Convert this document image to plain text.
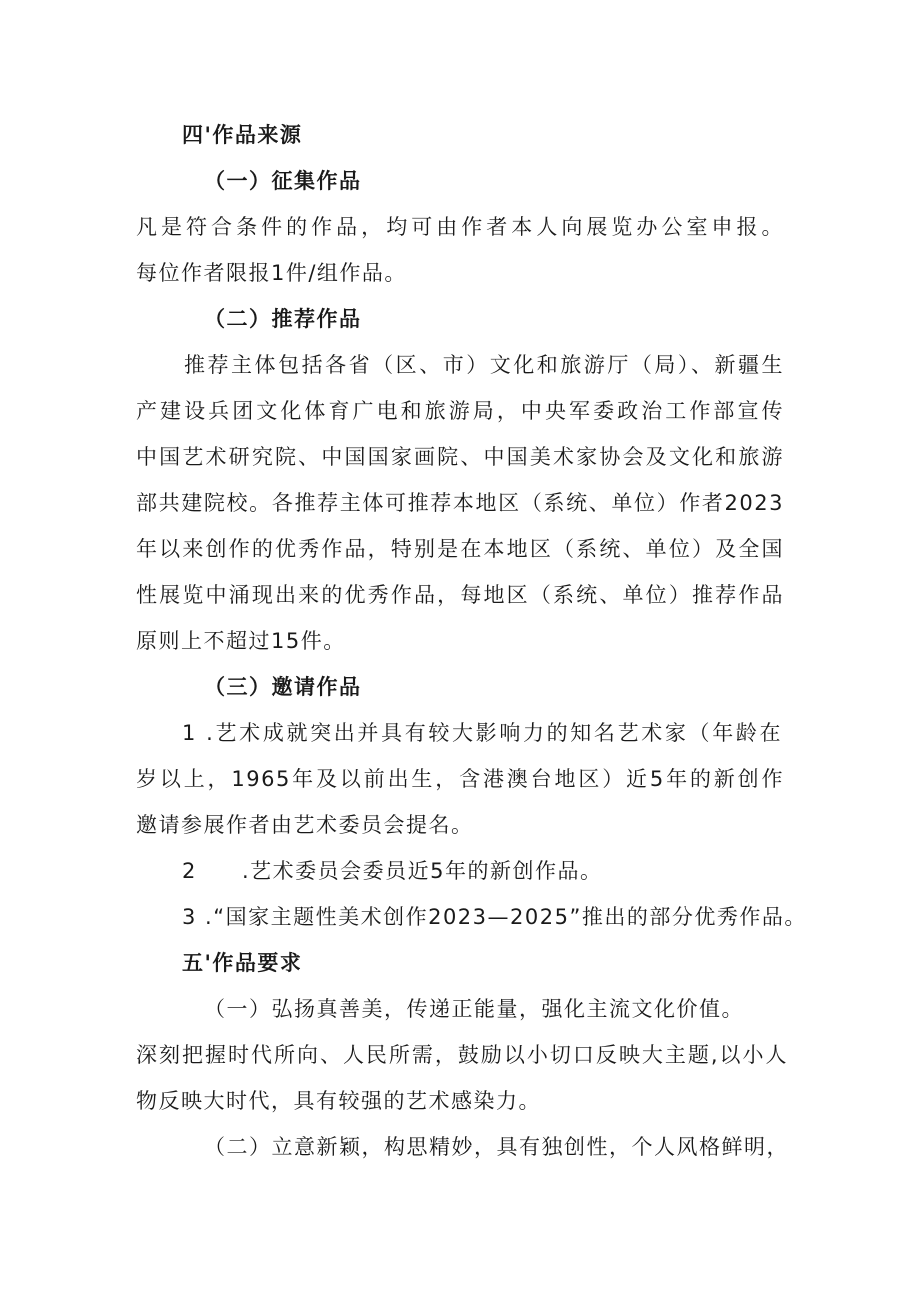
四'作品来源
（一）征集作品
凡是符合条件的作品，均可由作者本人向展览办公室申报。
每位作者限报1件/组作品。
（二）推荐作品
推荐主体包括各省（区、市）文化和旅游厅（局）、新疆生
产建设兵团文化体育广电和旅游局，中央军委政治工作部宣传
中国艺术研究院、中国国家画院、中国美术家协会及文化和旅游
部共建院校。各推荐主体可推荐本地区（系统、单位）作者2023
年以来创作的优秀作品，特别是在本地区（系统、单位）及全国
性展览中涌现出来的优秀作品，每地区（系统、单位）推荐作品
原则上不超过15件。
（三）邀请作品
1 .艺术成就突出并具有较大影响力的知名艺术家（年龄在
岁以上，1965年及以前出生，含港澳台地区）近5年的新创作
邀请参展作者由艺术委员会提名。
2 .艺术委员会委员近5年的新创作品。
3 .“国家主题性美术创作2023—2025”推出的部分优秀作品。
五'作品要求
（一）弘扬真善美，传递正能量，强化主流文化价值。
深刻把握时代所向、人民所需，鼓励以小切口反映大主题,以小人
物反映大时代，具有较强的艺术感染力。
（二）立意新颖，构思精妙，具有独创性，个人风格鲜明，
